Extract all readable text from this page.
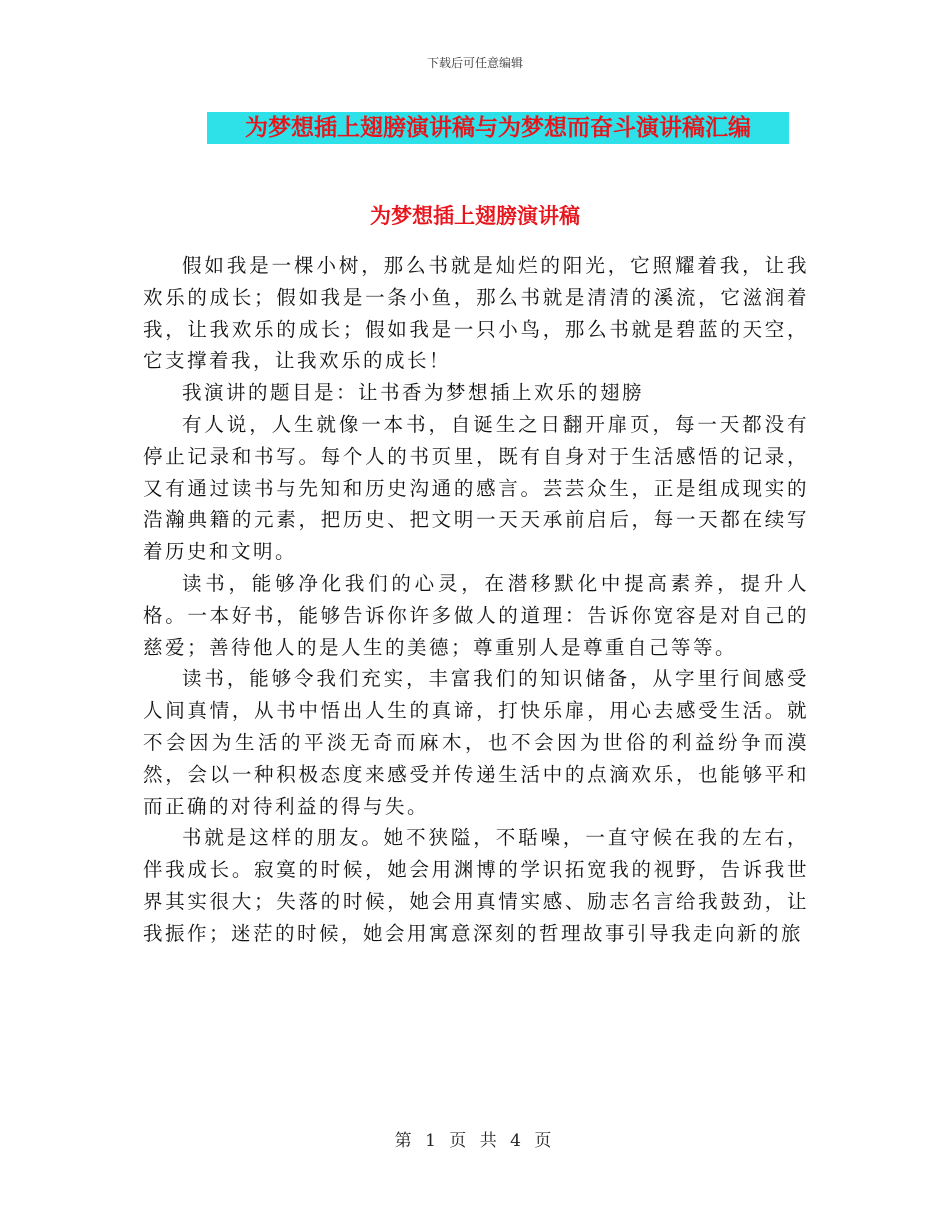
下载后可任意编辑
为梦想插上翅膀演讲稿与为梦想而奋斗演讲稿汇编
为梦想插上翅膀演讲稿

假如我是一棵小树，那么书就是灿烂的阳光，它照耀着我，让我欢乐的成长；假如我是一条小鱼，那么书就是清清的溪流，它滋润着我，让我欢乐的成长；假如我是一只小鸟，那么书就是碧蓝的天空，它支撑着我，让我欢乐的成长！

我演讲的题目是：让书香为梦想插上欢乐的翅膀

有人说，人生就像一本书，自诞生之日翻开扉页，每一天都没有停止记录和书写。每个人的书页里，既有自身对于生活感悟的记录，又有通过读书与先知和历史沟通的感言。芸芸众生，正是组成现实的浩瀚典籍的元素，把历史、把文明一天天承前启后，每一天都在续写着历史和文明。

读书，能够净化我们的心灵，在潜移默化中提高素养，提升人格。一本好书，能够告诉你许多做人的道理：告诉你宽容是对自己的慈爱；善待他人的是人生的美德；尊重别人是尊重自己等等。

读书，能够令我们充实，丰富我们的知识储备，从字里行间感受人间真情，从书中悟出人生的真谛，打快乐扉，用心去感受生活。就不会因为生活的平淡无奇而麻木，也不会因为世俗的利益纷争而漠然，会以一种积极态度来感受并传递生活中的点滴欢乐，也能够平和而正确的对待利益的得与失。

书就是这样的朋友。她不狭隘，不聒噪，一直守候在我的左右，伴我成长。寂寞的时候，她会用渊博的学识拓宽我的视野，告诉我世界其实很大；失落的时候，她会用真情实感、励志名言给我鼓劲，让我振作；迷茫的时候，她会用寓意深刻的哲理故事引导我走向新的旅

第 1 页 共 4 页
